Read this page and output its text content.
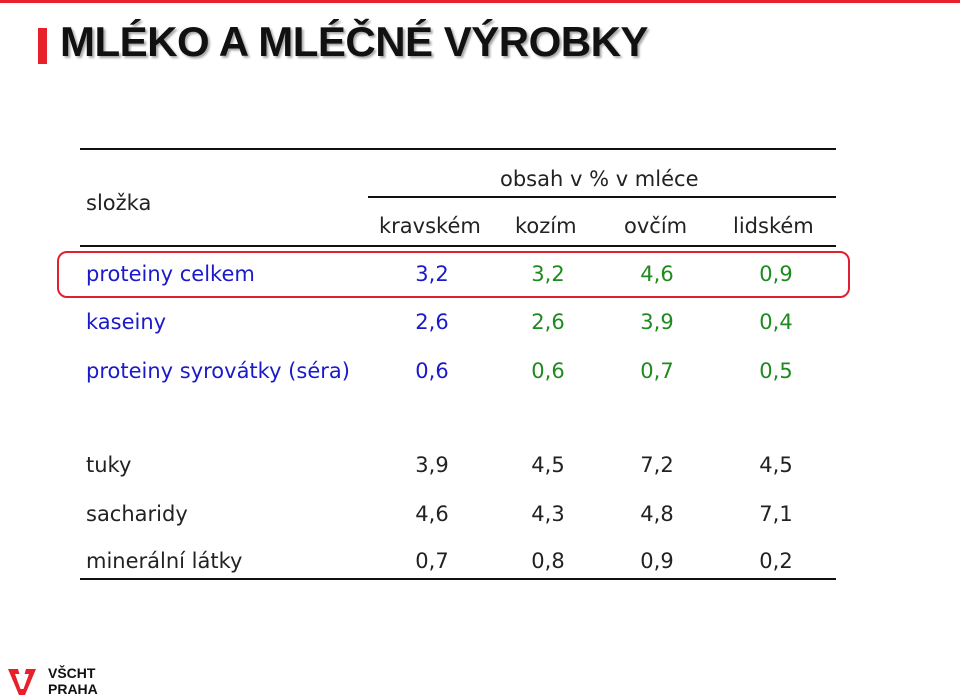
MLÉKO A MLÉČNÉ VÝROBKY
složka
obsah v % v mléce
kravském kozím ovčím lidském
proteiny celkem	3,2	3,2	4,6	0,9
kaseiny	2,6	2,6	3,9	0,4
proteiny syrovátky (séra)	0,6	0,6	0,7	0,5
tuky	3,9	4,5	7,2	4,5
sacharidy	4,6	4,3	4,8	7,1
minerální látky	0,7	0,8	0,9	0,2
VŠCHT
PRAHA
